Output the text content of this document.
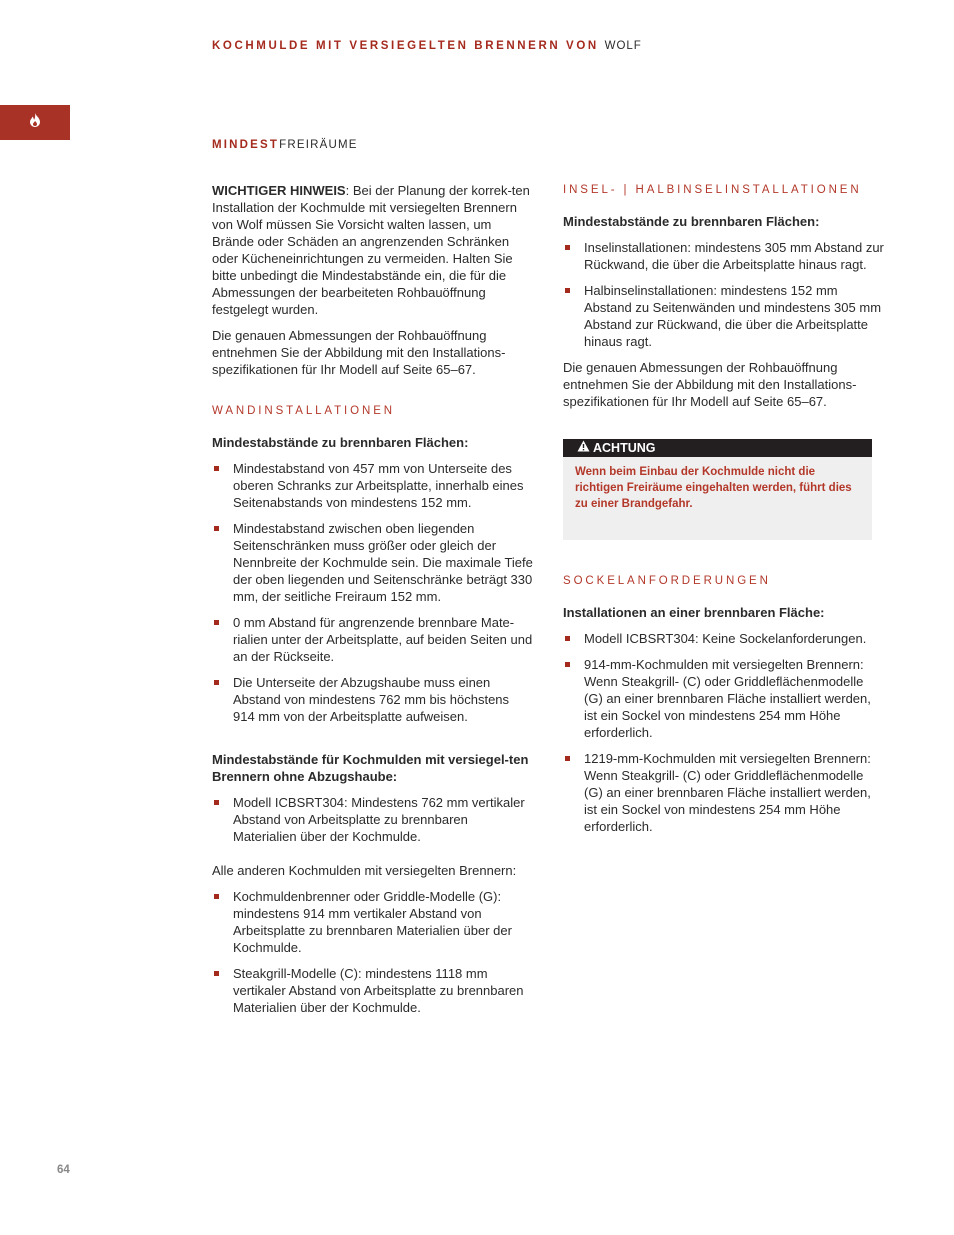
KOCHMULDE MIT VERSIEGELTEN BRENNERN VON WOLF
MINDESTFREIRÄUME

WICHTIGER HINWEIS: Bei der Planung der korrek-ten Installation der Kochmulde mit versiegelten Brennern von Wolf müssen Sie Vorsicht walten lassen, um Brände oder Schäden an angrenzenden Schränken oder Kücheneinrichtungen zu vermeiden. Halten Sie bitte unbedingt die Mindestabstände ein, die für die Abmessungen der bearbeiteten Rohbauöffnung festgelegt wurden.

Die genauen Abmessungen der Rohbauöffnung entnehmen Sie der Abbildung mit den Installations-spezifikationen für Ihr Modell auf Seite 65–67.

WANDINSTALLATIONEN
Mindestabstände zu brennbaren Flächen:
Mindestabstand von 457 mm von Unterseite des oberen Schranks zur Arbeitsplatte, innerhalb eines Seitenabstands von mindestens 152 mm.
Mindestabstand zwischen oben liegenden Seitenschränken muss größer oder gleich der Nennbreite der Kochmulde sein. Die maximale Tiefe der oben liegenden und Seitenschränke beträgt 330 mm, der seitliche Freiraum 152 mm.
0 mm Abstand für angrenzende brennbare Mate-rialien unter der Arbeitsplatte, auf beiden Seiten und an der Rückseite.
Die Unterseite der Abzugshaube muss einen Abstand von mindestens 762 mm bis höchstens 914 mm von der Arbeitsplatte aufweisen.
Mindestabstände für Kochmulden mit versiegel-ten Brennern ohne Abzugshaube:
Modell ICBSRT304: Mindestens 762 mm vertikaler Abstand von Arbeitsplatte zu brennbaren Materialien über der Kochmulde.

Alle anderen Kochmulden mit versiegelten Brennern:

Kochmuldenbrenner oder Griddle-Modelle (G): mindestens 914 mm vertikaler Abstand von Arbeitsplatte zu brennbaren Materialien über der Kochmulde.
Steakgrill-Modelle (C): mindestens 1118 mm vertikaler Abstand von Arbeitsplatte zu brennbaren Materialien über der Kochmulde.
INSEL- | HALBINSELINSTALLATIONEN
Mindestabstände zu brennbaren Flächen:
Inselinstallationen: mindestens 305 mm Abstand zur Rückwand, die über die Arbeitsplatte hinaus ragt.
Halbinselinstallationen: mindestens 152 mm Abstand zu Seitenwänden und mindestens 305 mm Abstand zur Rückwand, die über die Arbeitsplatte hinaus ragt.

Die genauen Abmessungen der Rohbauöffnung entnehmen Sie der Abbildung mit den Installations-spezifikationen für Ihr Modell auf Seite 65–67.

ACHTUNG
Wenn beim Einbau der Kochmulde nicht die richtigen Freiräume eingehalten werden, führt dies zu einer Brandgefahr.
SOCKELANFORDERUNGEN
Installationen an einer brennbaren Fläche:
Modell ICBSRT304: Keine Sockelanforderungen.
914-mm-Kochmulden mit versiegelten Brennern: Wenn Steakgrill- (C) oder Griddleflächenmodelle (G) an einer brennbaren Fläche installiert werden, ist ein Sockel von mindestens 254 mm Höhe erforderlich.
1219-mm-Kochmulden mit versiegelten Brennern: Wenn Steakgrill- (C) oder Griddleflächenmodelle (G) an einer brennbaren Fläche installiert werden, ist ein Sockel von mindestens 254 mm Höhe erforderlich.
64
